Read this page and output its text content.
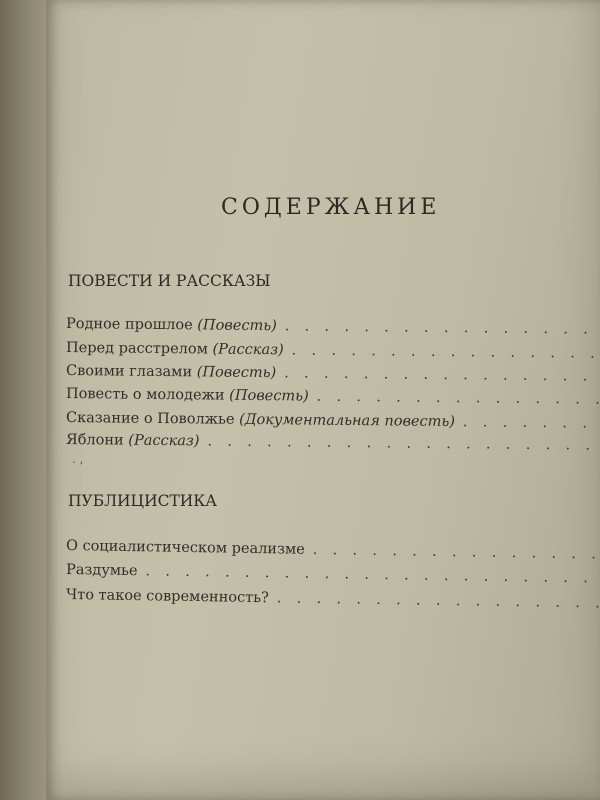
СОДЕРЖАНИЕ
ПОВЕСТИ И РАССКАЗЫ
Родное прошлое
(Повесть)
. . .
Перед расстрелом
(Рассказ)
. . .
Своими глазами
(Повесть)
. . .
Повесть о молодежи
(Повесть)
. . .
Сказание о Поволжье
(Документальная повесть)
. . .
Яблони
(Рассказ)
. . .
. ,
ПУБЛИЦИСТИКА
О социалистическом реализме
. . .
Раздумье
. . .
Что такое современность?
. . .
